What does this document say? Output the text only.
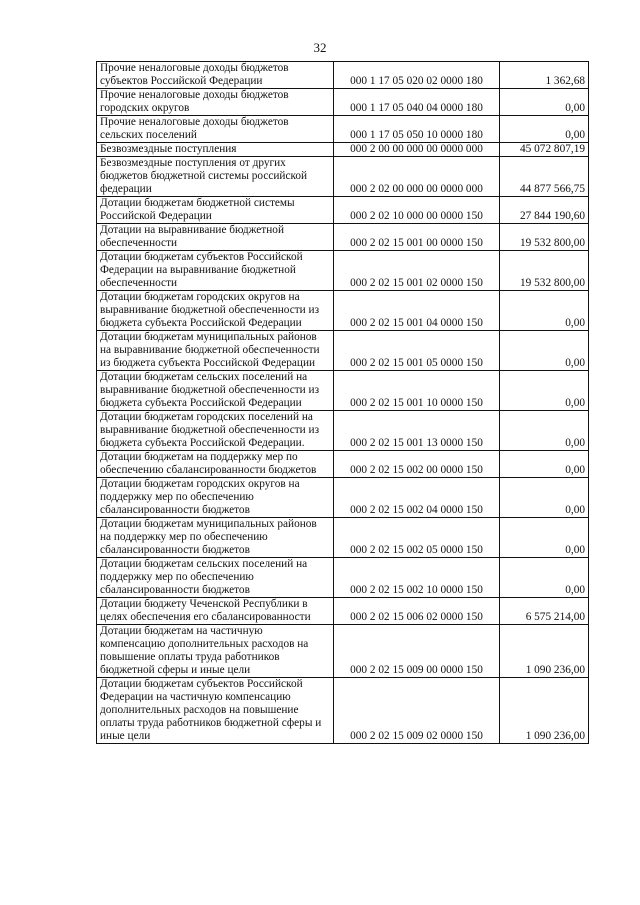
32
Прочие неналоговые доходы бюджетов субъектов Российской Федерации	000 1 17 05 020 02 0000 180	1 362,68
Прочие неналоговые доходы бюджетов городских округов	000 1 17 05 040 04 0000 180	0,00
Прочие неналоговые доходы бюджетов сельских поселений	000 1 17 05 050 10 0000 180	0,00
Безвозмездные поступления	000 2 00 00 000 00 0000 000	45 072 807,19
Безвозмездные поступления от других бюджетов бюджетной системы российской федерации	000 2 02 00 000 00 0000 000	44 877 566,75
Дотации бюджетам бюджетной системы Российской Федерации	000 2 02 10 000 00 0000 150	27 844 190,60
Дотации на выравнивание бюджетной обеспеченности	000 2 02 15 001 00 0000 150	19 532 800,00
Дотации бюджетам субъектов Российской Федерации на выравнивание бюджетной обеспеченности	000 2 02 15 001 02 0000 150	19 532 800,00
Дотации бюджетам городских округов на выравнивание бюджетной обеспеченности из бюджета субъекта Российской Федерации	000 2 02 15 001 04 0000 150	0,00
Дотации бюджетам муниципальных районов на выравнивание бюджетной обеспеченности из бюджета субъекта Российской Федерации	000 2 02 15 001 05 0000 150	0,00
Дотации бюджетам сельских поселений на выравнивание бюджетной обеспеченности из бюджета субъекта Российской Федерации	000 2 02 15 001 10 0000 150	0,00
Дотации бюджетам городских поселений на выравнивание бюджетной обеспеченности из бюджета субъекта Российской Федерации.	000 2 02 15 001 13 0000 150	0,00
Дотации бюджетам на поддержку мер по обеспечению сбалансированности бюджетов	000 2 02 15 002 00 0000 150	0,00
Дотации бюджетам городских округов на поддержку мер по обеспечению сбалансированности бюджетов	000 2 02 15 002 04 0000 150	0,00
Дотации бюджетам муниципальных районов на поддержку мер по обеспечению сбалансированности бюджетов	000 2 02 15 002 05 0000 150	0,00
Дотации бюджетам сельских поселений на поддержку мер по обеспечению сбалансированности бюджетов	000 2 02 15 002 10 0000 150	0,00
Дотации бюджету Чеченской Республики в целях обеспечения его сбалансированности	000 2 02 15 006 02 0000 150	6 575 214,00
Дотации бюджетам на частичную компенсацию дополнительных расходов на повышение оплаты труда работников бюджетной сферы и иные цели	000 2 02 15 009 00 0000 150	1 090 236,00
Дотации бюджетам субъектов Российской Федерации на частичную компенсацию дополнительных расходов на повышение оплаты труда работников бюджетной сферы и иные цели	000 2 02 15 009 02 0000 150	1 090 236,00
